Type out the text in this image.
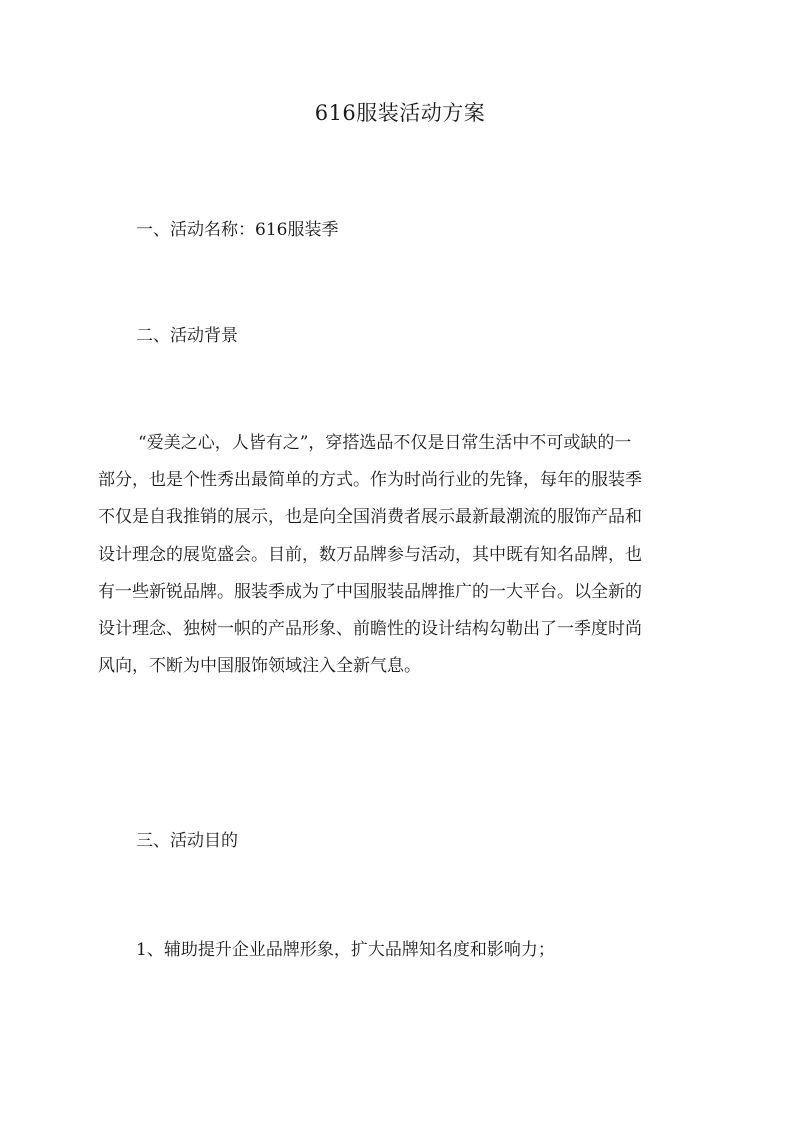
616服装活动方案
一、活动名称：616服装季
二、活动背景
“爱美之心，人皆有之”，穿搭选品不仅是日常生活中不可或缺的一
部分，也是个性秀出最简单的方式。作为时尚行业的先锋，每年的服装季
不仅是自我推销的展示，也是向全国消费者展示最新最潮流的服饰产品和
设计理念的展览盛会。目前，数万品牌参与活动，其中既有知名品牌，也
有一些新锐品牌。服装季成为了中国服装品牌推广的一大平台。以全新的
设计理念、独树一帜的产品形象、前瞻性的设计结构勾勒出了一季度时尚
风向，不断为中国服饰领域注入全新气息。
三、活动目的
1、辅助提升企业品牌形象，扩大品牌知名度和影响力；
